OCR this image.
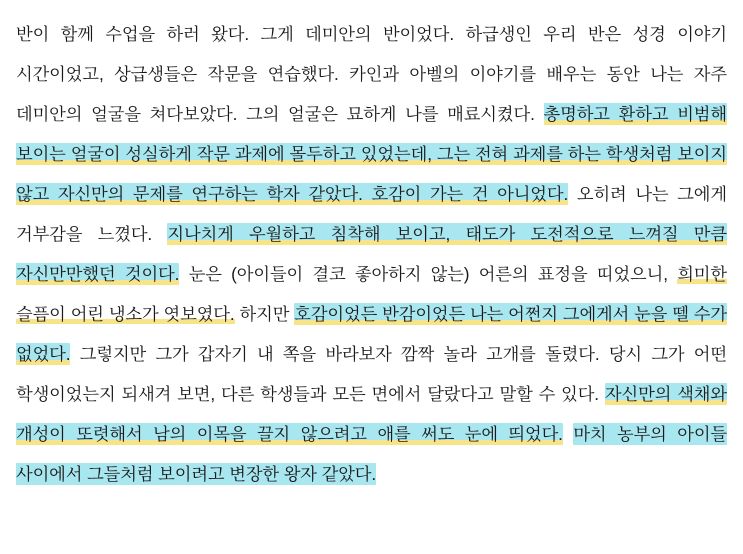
반이 함께 수업을 하러 왔다. 그게 데미안의 반이었다. 하급생인 우리 반은 성경 이야기 시간이었고, 상급생들은 작문을 연습했다. 카인과 아벨의 이야기를 배우는 동안 나는 자주 데미안의 얼굴을 쳐다보았다. 그의 얼굴은 묘하게 나를 매료시켰다. 총명하고 환하고 비범해 보이는 얼굴이 성실하게 작문 과제에 몰두하고 있었는데, 그는 전혀 과제를 하는 학생처럼 보이지 않고 자신만의 문제를 연구하는 학자 같았다. 호감이 가는 건 아니었다. 오히려 나는 그에게 거부감을 느꼈다. 지나치게 우월하고 침착해 보이고, 태도가 도전적으로 느껴질 만큼 자신만만했던 것이다. 눈은 (아이들이 결코 좋아하지 않는) 어른의 표정을 띠었으니, 희미한 슬픔이 어린 냉소가 엿보였다. 하지만 호감이었든 반감이었든 나는 어쩐지 그에게서 눈을 뗄 수가 없었다. 그렇지만 그가 갑자기 내 쪽을 바라보자 깜짝 놀라 고개를 돌렸다. 당시 그가 어떤 학생이었는지 되새겨 보면, 다른 학생들과 모든 면에서 달랐다고 말할 수 있다. 자신만의 색채와 개성이 또렷해서 남의 이목을 끌지 않으려고 애를 써도 눈에 띄었다. 마치 농부의 아이들 사이에서 그들처럼 보이려고 변장한 왕자 같았다.
